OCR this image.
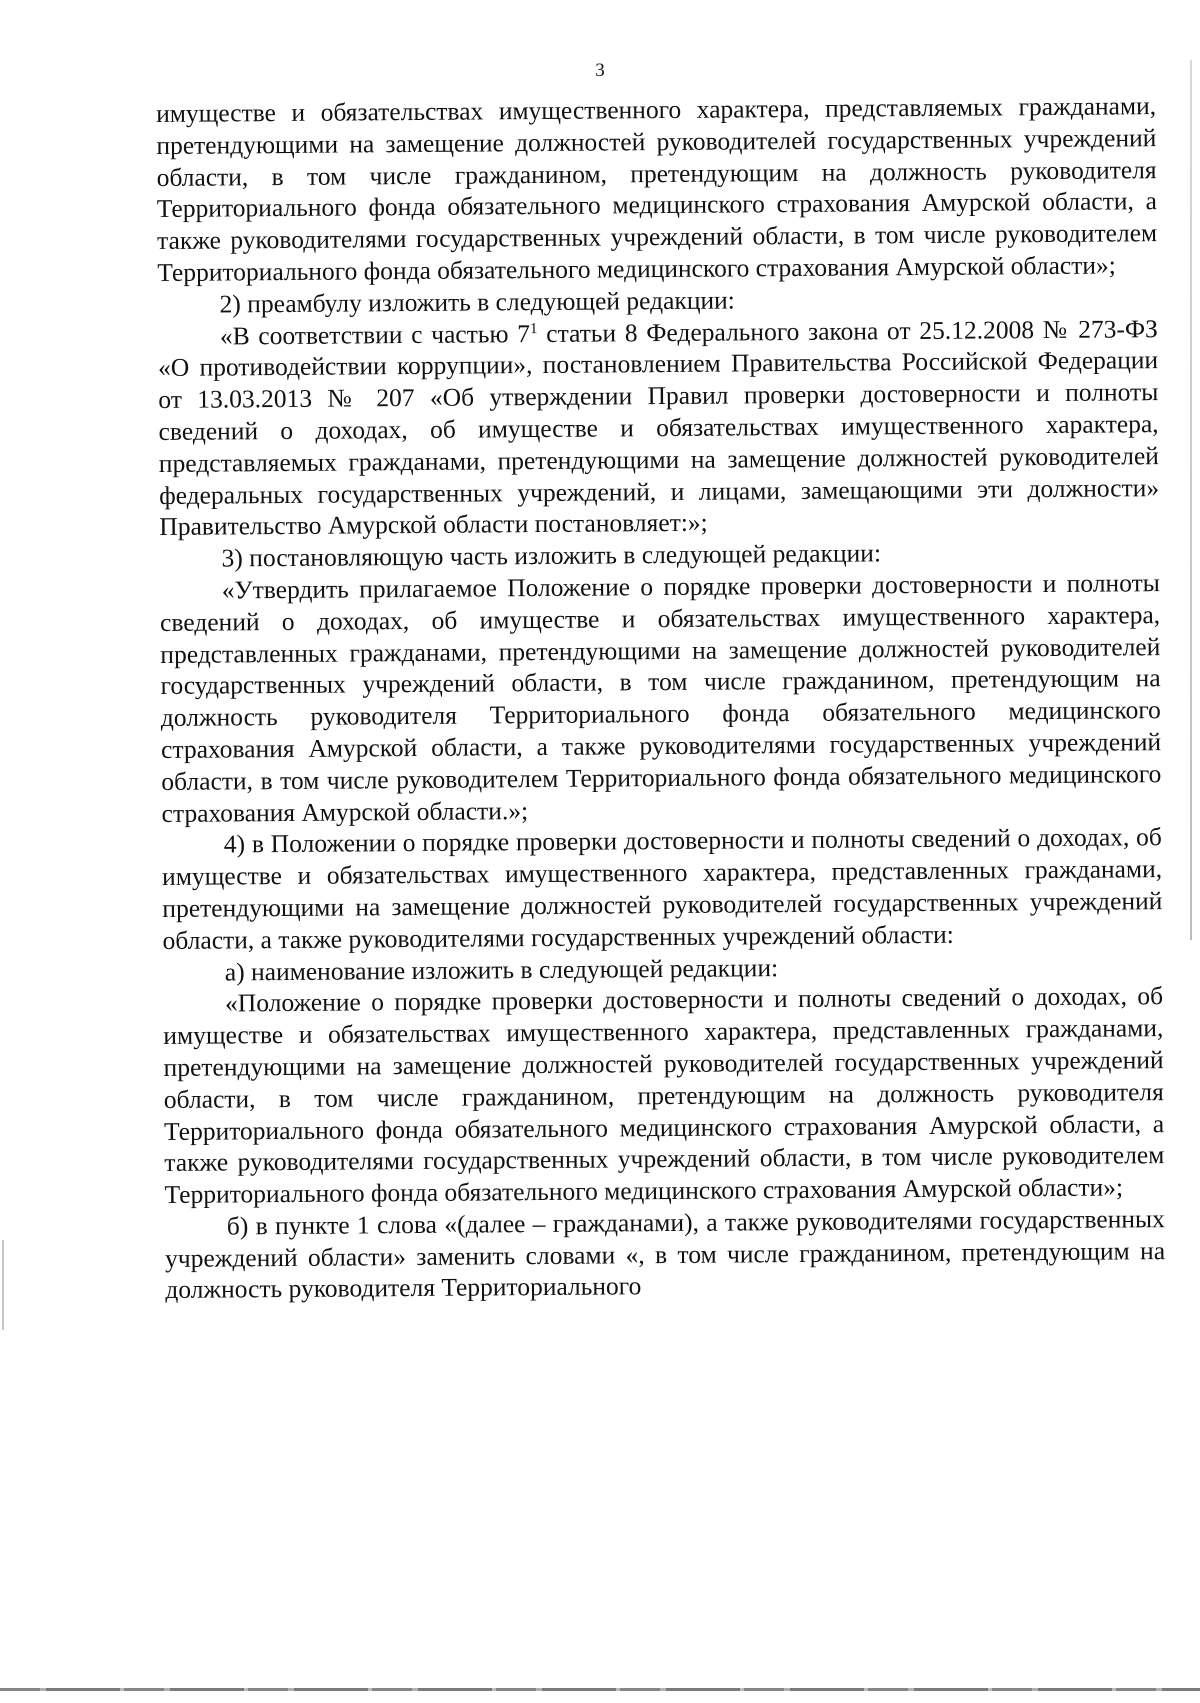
3

имуществе и обязательствах имущественного характера, представляемых гражданами, претендующими на замещение должностей руководителей государственных учреждений области, в том числе гражданином, претендующим на должность руководителя Территориального фонда обязательного медицинского страхования Амурской области, а также руководителями государственных учреждений области, в том числе руководителем Территориального фонда обязательного медицинского страхования Амурской области»;

2) преамбулу изложить в следующей редакции:

«В соответствии с частью $7^1$ статьи 8 Федерального закона от 25.12.2008 № 273-ФЗ «О противодействии коррупции», постановлением Правительства Российской Федерации от 13.03.2013 № 207 «Об утверждении Правил проверки достоверности и полноты сведений о доходах, об имуществе и обязательствах имущественного характера, представляемых гражданами, претендующими на замещение должностей руководителей федеральных государственных учреждений, и лицами, замещающими эти должности» Правительство Амурской области постановляет:»;

3) постановляющую часть изложить в следующей редакции:

«Утвердить прилагаемое Положение о порядке проверки достоверности и полноты сведений о доходах, об имуществе и обязательствах имущественного характера, представленных гражданами, претендующими на замещение должностей руководителей государственных учреждений области, в том числе гражданином, претендующим на должность руководителя Территориального фонда обязательного медицинского страхования Амурской области, а также руководителями государственных учреждений области, в том числе руководителем Территориального фонда обязательного медицинского страхования Амурской области.»;

4) в Положении о порядке проверки достоверности и полноты сведений о доходах, об имуществе и обязательствах имущественного характера, представленных гражданами, претендующими на замещение должностей руководителей государственных учреждений области, а также руководителями государственных учреждений области:

а) наименование изложить в следующей редакции:

«Положение о порядке проверки достоверности и полноты сведений о доходах, об имуществе и обязательствах имущественного характера, представленных гражданами, претендующими на замещение должностей руководителей государственных учреждений области, в том числе гражданином, претендующим на должность руководителя Территориального фонда обязательного медицинского страхования Амурской области, а также руководителями государственных учреждений области, в том числе руководителем Территориального фонда обязательного медицинского страхования Амурской области»;

б) в пункте 1 слова «(далее – гражданами), а также руководителями государственных учреждений области» заменить словами «, в том числе гражданином, претендующим на должность руководителя Территориального
